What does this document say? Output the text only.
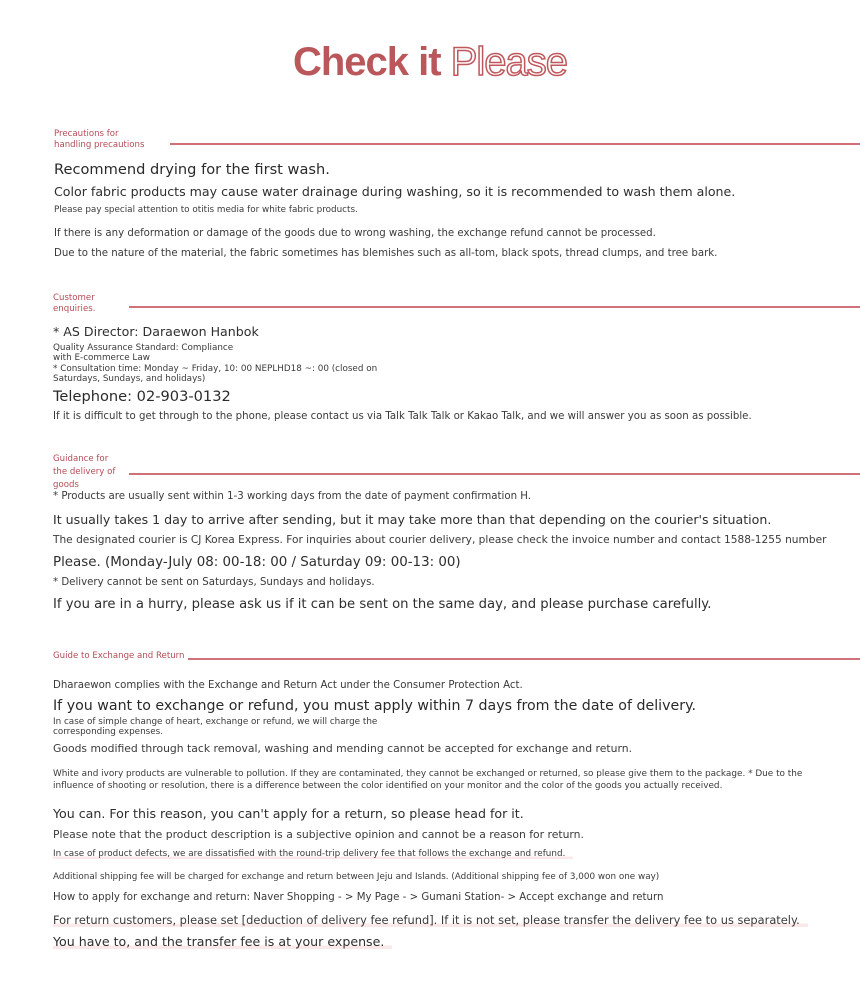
Check it Please
Precautions for handling precautions
Recommend drying for the first wash.
Color fabric products may cause water drainage during washing, so it is recommended to wash them alone.
Please pay special attention to otitis media for white fabric products.
If there is any deformation or damage of the goods due to wrong washing, the exchange refund cannot be processed.
Due to the nature of the material, the fabric sometimes has blemishes such as all-tom, black spots, thread clumps, and tree bark.
Customer enquiries.
* AS Director: Daraewon Hanbok
Quality Assurance Standard: Compliance with E-commerce Law
* Consultation time: Monday ~ Friday, 10: 00 NEPLHD18 ~: 00 (closed on Saturdays, Sundays, and holidays)
Telephone: 02-903-0132
If it is difficult to get through to the phone, please contact us via Talk Talk Talk or Kakao Talk, and we will answer you as soon as possible.
Guidance for the delivery of goods
* Products are usually sent within 1-3 working days from the date of payment confirmation H.
It usually takes 1 day to arrive after sending, but it may take more than that depending on the courier's situation.
The designated courier is CJ Korea Express. For inquiries about courier delivery, please check the invoice number and contact 1588-1255 number
Please. (Monday-July 08: 00-18: 00 / Saturday 09: 00-13: 00)
* Delivery cannot be sent on Saturdays, Sundays and holidays.
If you are in a hurry, please ask us if it can be sent on the same day, and please purchase carefully.
Guide to Exchange and Return
Dharaewon complies with the Exchange and Return Act under the Consumer Protection Act.
If you want to exchange or refund, you must apply within 7 days from the date of delivery.
In case of simple change of heart, exchange or refund, we will charge the corresponding expenses.
Goods modified through tack removal, washing and mending cannot be accepted for exchange and return.
White and ivory products are vulnerable to pollution. If they are contaminated, they cannot be exchanged or returned, so please give them to the package. * Due to the influence of shooting or resolution, there is a difference between the color identified on your monitor and the color of the goods you actually received.
You can. For this reason, you can't apply for a return, so please head for it.
Please note that the product description is a subjective opinion and cannot be a reason for return.
In case of product defects, we are dissatisfied with the round-trip delivery fee that follows the exchange and refund.
Additional shipping fee will be charged for exchange and return between Jeju and Islands. (Additional shipping fee of 3,000 won one way)
How to apply for exchange and return: Naver Shopping - > My Page - > Gumani Station- > Accept exchange and return
For return customers, please set [deduction of delivery fee refund]. If it is not set, please transfer the delivery fee to us separately.
You have to, and the transfer fee is at your expense.
